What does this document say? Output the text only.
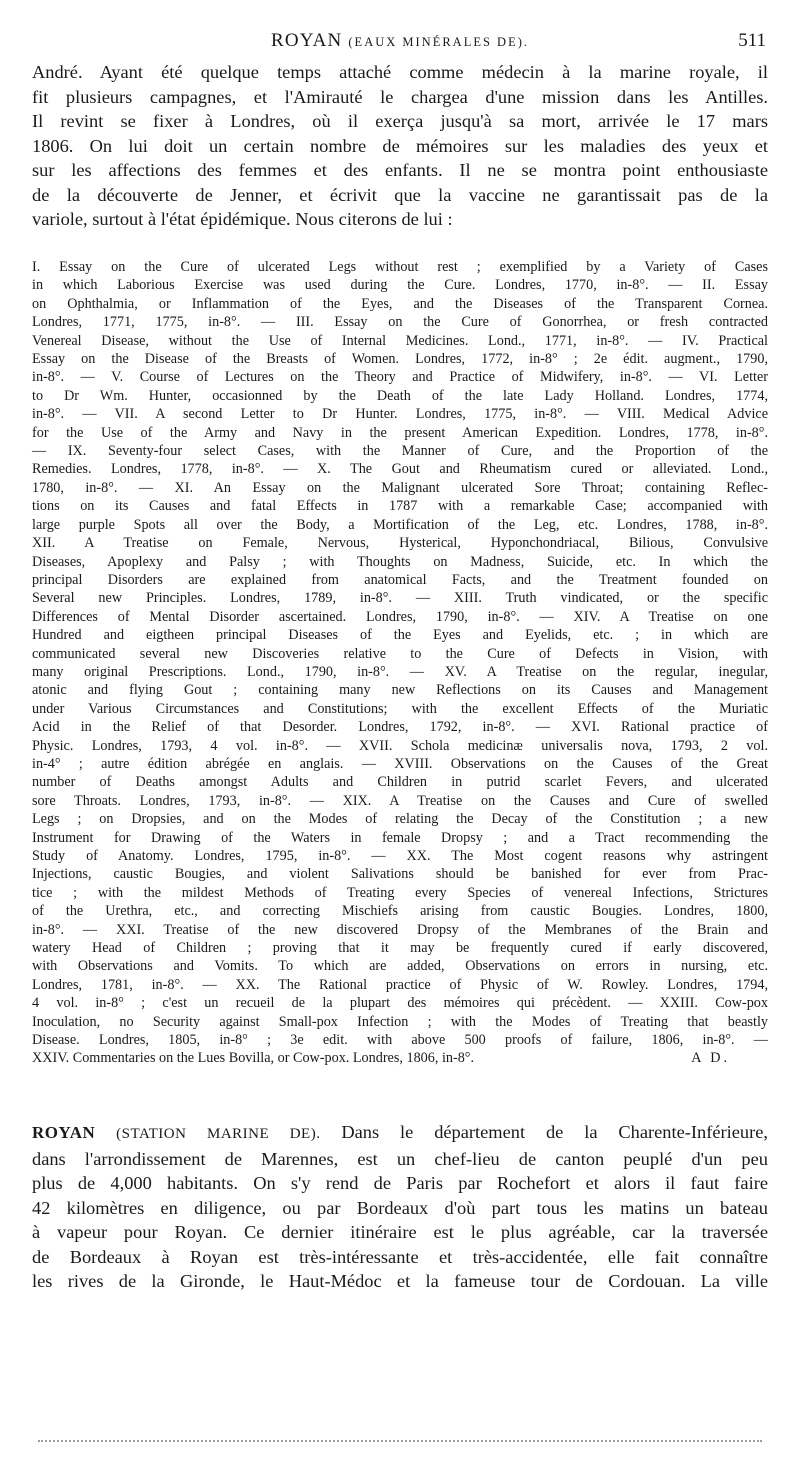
ROYAN (EAUX MINÉRALES DE).	511
André. Ayant été quelque temps attaché comme médecin à la marine royale, il
fit plusieurs campagnes, et l'Amirauté le chargea d'une mission dans les Antilles.
Il revint se fixer à Londres, où il exerça jusqu'à sa mort, arrivée le 17 mars
1806. On lui doit un certain nombre de mémoires sur les maladies des yeux et
sur les affections des femmes et des enfants. Il ne se montra point enthousiaste
de la découverte de Jenner, et écrivit que la vaccine ne garantissait pas de la
variole, surtout à l'état épidémique. Nous citerons de lui :
I. Essay on the Cure of ulcerated Legs without rest ; exemplified by a Variety of Cases
in which Laborious Exercise was used during the Cure. Londres, 1770, in-8°. — II. Essay
on Ophthalmia, or Inflammation of the Eyes, and the Diseases of the Transparent Cornea.
Londres, 1771, 1775, in-8°. — III. Essay on the Cure of Gonorrhea, or fresh contracted
Venereal Disease, without the Use of Internal Medicines. Lond., 1771, in-8°. — IV. Practical
Essay on the Disease of the Breasts of Women. Londres, 1772, in-8° ; 2e édit. augment., 1790,
in-8°. — V. Course of Lectures on the Theory and Practice of Midwifery, in-8°. — VI. Letter
to Dr Wm. Hunter, occasionned by the Death of the late Lady Holland. Londres, 1774,
in-8°. — VII. A second Letter to Dr Hunter. Londres, 1775, in-8°. — VIII. Medical Advice
for the Use of the Army and Navy in the present American Expedition. Londres, 1778, in-8°.
— IX. Seventy-four select Cases, with the Manner of Cure, and the Proportion of the
Remedies. Londres, 1778, in-8°. — X. The Gout and Rheumatism cured or alleviated. Lond.,
1780, in-8°. — XI. An Essay on the Malignant ulcerated Sore Throat; containing Reflec-
tions on its Causes and fatal Effects in 1787 with a remarkable Case; accompanied with
large purple Spots all over the Body, a Mortification of the Leg, etc. Londres, 1788, in-8°.
XII. A Treatise on Female, Nervous, Hysterical, Hyponchondriacal, Bilious, Convulsive
Diseases, Apoplexy and Palsy ; with Thoughts on Madness, Suicide, etc. In which the
principal Disorders are explained from anatomical Facts, and the Treatment founded on
Several new Principles. Londres, 1789, in-8°. — XIII. Truth vindicated, or the specific
Differences of Mental Disorder ascertained. Londres, 1790, in-8°. — XIV. A Treatise on one
Hundred and eigtheen principal Diseases of the Eyes and Eyelids, etc. ; in which are
communicated several new Discoveries relative to the Cure of Defects in Vision, with
many original Prescriptions. Lond., 1790, in-8°. — XV. A Treatise on the regular, inegular,
atonic and flying Gout ; containing many new Reflections on its Causes and Management
under Various Circumstances and Constitutions; with the excellent Effects of the Muriatic
Acid in the Relief of that Desorder. Londres, 1792, in-8°. — XVI. Rational practice of
Physic. Londres, 1793, 4 vol. in-8°. — XVII. Schola medicinæ universalis nova, 1793, 2 vol.
in-4° ; autre édition abrégée en anglais. — XVIII. Observations on the Causes of the Great
number of Deaths amongst Adults and Children in putrid scarlet Fevers, and ulcerated
sore Throats. Londres, 1793, in-8°. — XIX. A Treatise on the Causes and Cure of swelled
Legs ; on Dropsies, and on the Modes of relating the Decay of the Constitution ; a new
Instrument for Drawing of the Waters in female Dropsy ; and a Tract recommending the
Study of Anatomy. Londres, 1795, in-8°. — XX. The Most cogent reasons why astringent
Injections, caustic Bougies, and violent Salivations should be banished for ever from Prac-
tice ; with the mildest Methods of Treating every Species of venereal Infections, Strictures
of the Urethra, etc., and correcting Mischiefs arising from caustic Bougies. Londres, 1800,
in-8°. — XXI. Treatise of the new discovered Dropsy of the Membranes of the Brain and
watery Head of Children ; proving that it may be frequently cured if early discovered,
with Observations and Vomits. To which are added, Observations on errors in nursing, etc.
Londres, 1781, in-8°. — XX. The Rational practice of Physic of W. Rowley. Londres, 1794,
4 vol. in-8° ; c'est un recueil de la plupart des mémoires qui précèdent. — XXIII. Cow-pox
Inoculation, no Security against Small-pox Infection ; with the Modes of Treating that beastly
Disease. Londres, 1805, in-8° ; 3e edit. with above 500 proofs of failure, 1806, in-8°. —
XXIV. Commentaries on the Lues Bovilla, or Cow-pox. Londres, 1806, in-8°.	A D.
ROYAN (STATION MARINE DE). Dans le département de la Charente-Inférieure,
dans l'arrondissement de Marennes, est un chef-lieu de canton peuplé d'un peu
plus de 4,000 habitants. On s'y rend de Paris par Rochefort et alors il faut faire
42 kilomètres en diligence, ou par Bordeaux d'où part tous les matins un bateau
à vapeur pour Royan. Ce dernier itinéraire est le plus agréable, car la traversée
de Bordeaux à Royan est très-intéressante et très-accidentée, elle fait connaître
les rives de la Gironde, le Haut-Médoc et la fameuse tour de Cordouan. La ville
